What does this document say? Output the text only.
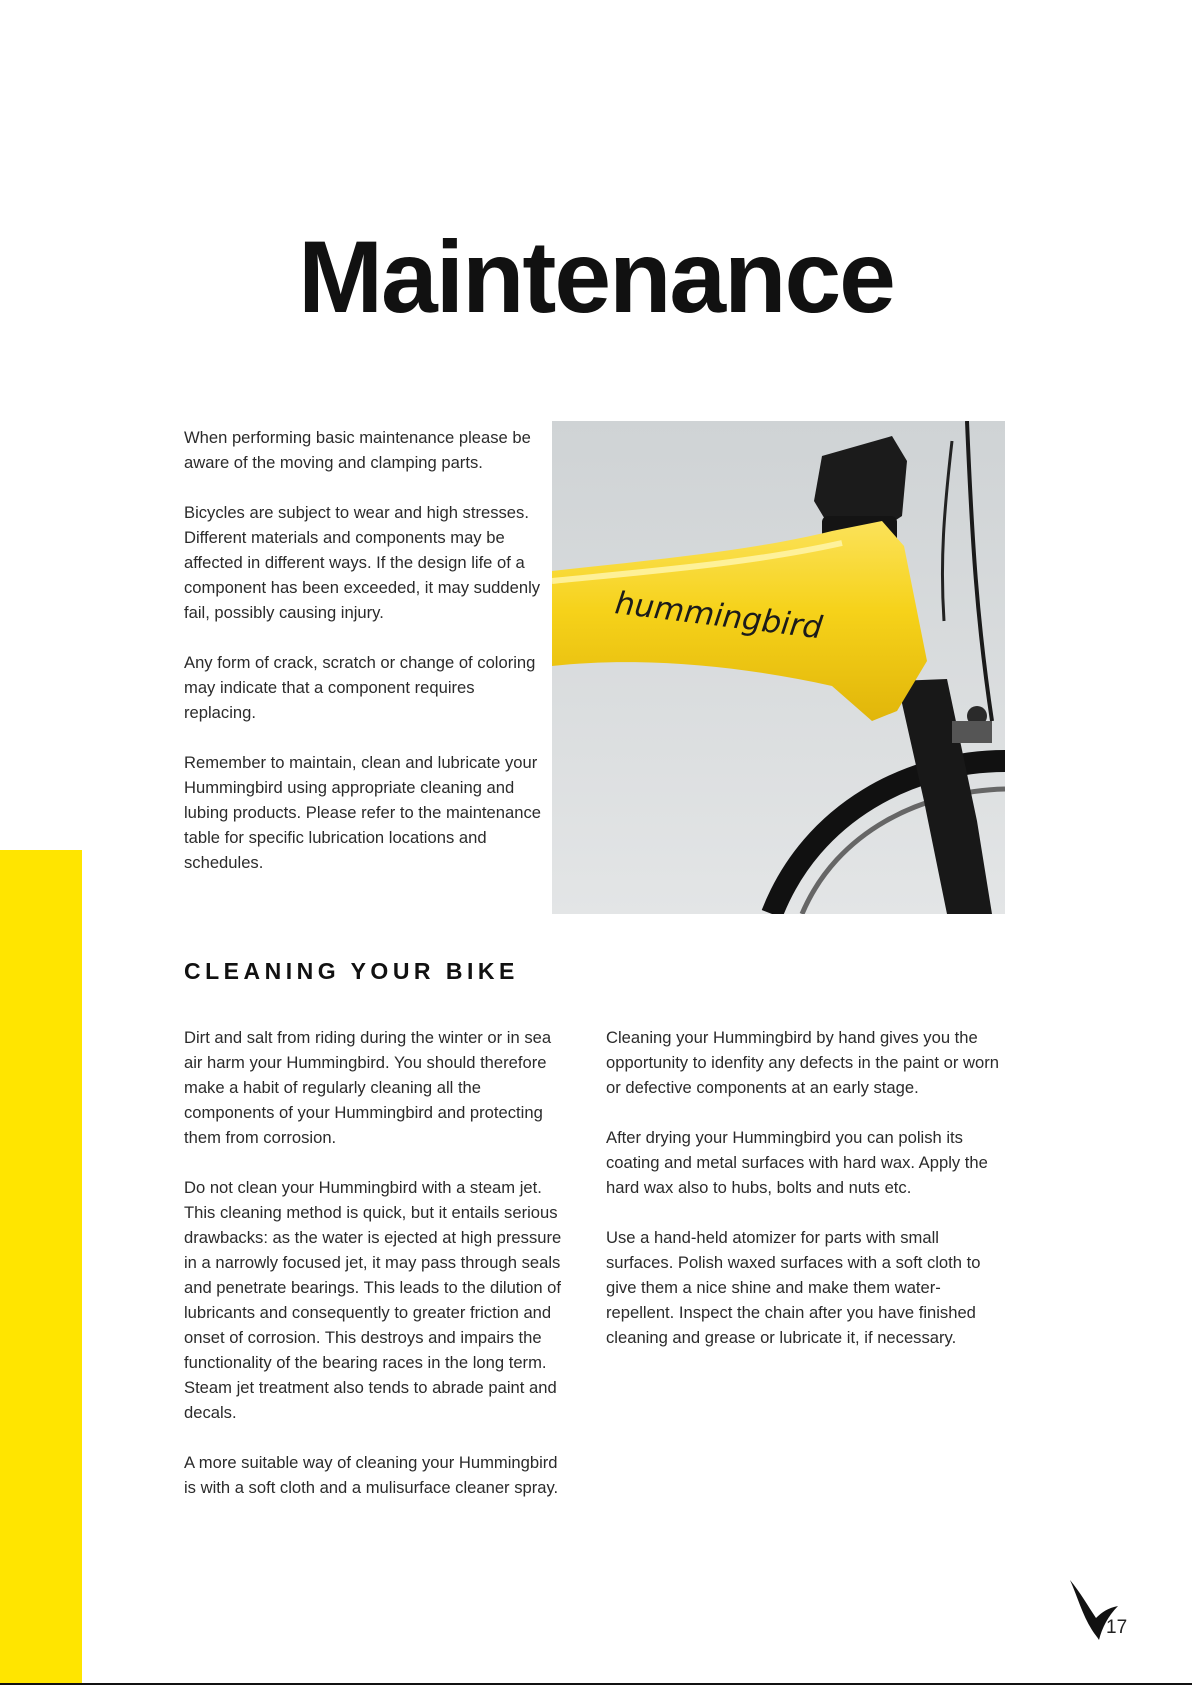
Maintenance

When performing basic maintenance please be aware of the moving and clamping parts.

Bicycles are subject to wear and high stresses. Different materials and components may be affected in different ways. If the design life of a component has been exceeded, it may suddenly fail, possibly causing injury.

Any form of crack, scratch or change of coloring may indicate that a component requires replacing.

Remember to maintain, clean and lubricate your Hummingbird using appropriate cleaning and lubing products. Please refer to the maintenance table for specific lubrication locations and schedules.

hummingbird
CLEANING YOUR BIKE

Dirt and salt from riding during the winter or in sea air harm your Hummingbird. You should therefore make a habit of regularly cleaning all the components of your Hummingbird and protecting them from corrosion.

Do not clean your Hummingbird with a steam jet. This cleaning method is quick, but it entails serious drawbacks: as the water is ejected at high pressure in a narrowly focused jet, it may pass through seals and penetrate bearings. This leads to the dilution of lubricants and consequently to greater friction and onset of corrosion. This destroys and impairs the functionality of the bearing races in the long term. Steam jet treatment also tends to abrade paint and decals.

A more suitable way of cleaning your Hummingbird is with a soft cloth and a mulisurface cleaner spray.

Cleaning your Hummingbird by hand gives you the opportunity to idenfity any defects in the paint or worn or defective components at an early stage.

After drying your Hummingbird you can polish its coating and metal surfaces with hard wax. Apply the hard wax also to hubs, bolts and nuts etc.

Use a hand-held atomizer for parts with small surfaces. Polish waxed surfaces with a soft cloth to give them a nice shine and make them water-repellent. Inspect the chain after you have finished cleaning and grease or lubricate it, if necessary.

17
